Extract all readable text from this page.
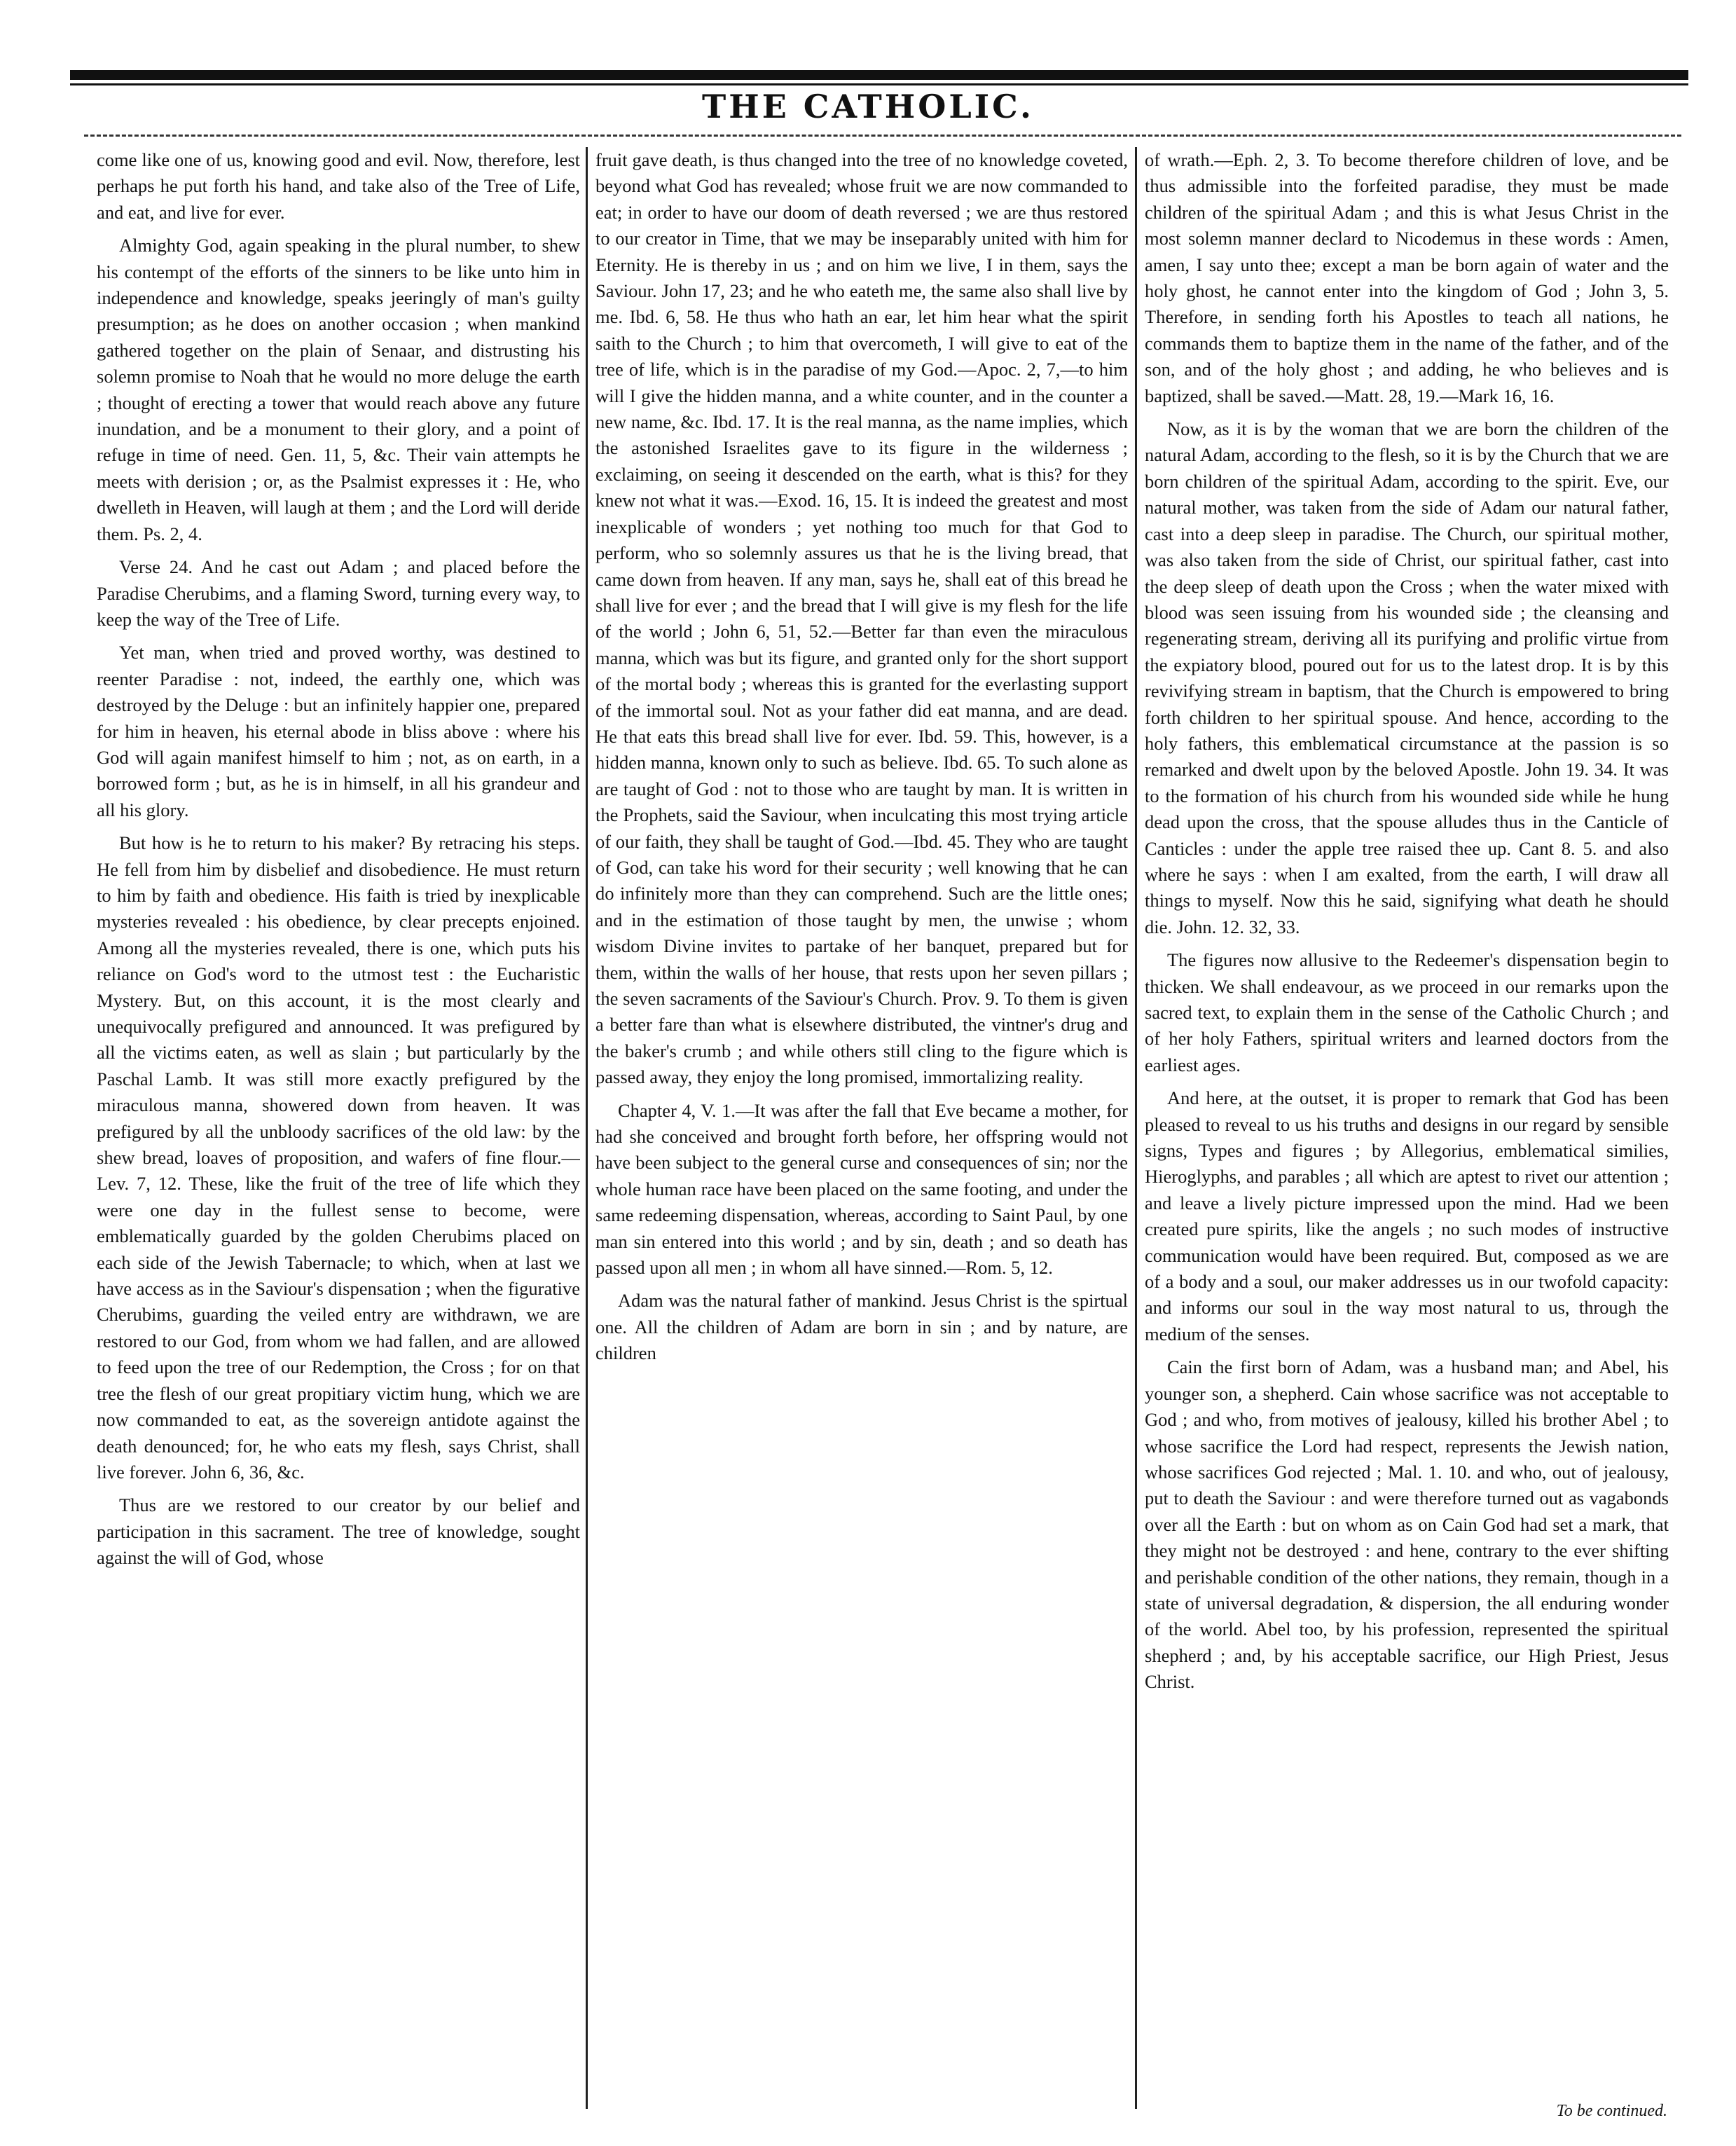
THE CATHOLIC.

come like one of us, knowing good and evil. Now, therefore, lest perhaps he put forth his hand, and take also of the Tree of Life, and eat, and live for ever.

Almighty God, again speaking in the plural number, to shew his contempt of the efforts of the sinners to be like unto him in independence and knowledge, speaks jeeringly of man's guilty presumption; as he does on another occasion ; when mankind gathered together on the plain of Senaar, and distrusting his solemn promise to Noah that he would no more deluge the earth ; thought of erecting a tower that would reach above any future inundation, and be a monument to their glory, and a point of refuge in time of need. Gen. 11, 5, &c. Their vain attempts he meets with derision ; or, as the Psalmist expresses it : He, who dwelleth in Heaven, will laugh at them ; and the Lord will deride them. Ps. 2, 4.

Verse 24. And he cast out Adam ; and placed before the Paradise Cherubims, and a flaming Sword, turning every way, to keep the way of the Tree of Life.

Yet man, when tried and proved worthy, was destined to reenter Paradise : not, indeed, the earthly one, which was destroyed by the Deluge : but an infinitely happier one, prepared for him in heaven, his eternal abode in bliss above : where his God will again manifest himself to him ; not, as on earth, in a borrowed form ; but, as he is in himself, in all his grandeur and all his glory.

But how is he to return to his maker? By retracing his steps. He fell from him by disbelief and disobedience. He must return to him by faith and obedience. His faith is tried by inexplicable mysteries revealed : his obedience, by clear precepts enjoined. Among all the mysteries revealed, there is one, which puts his reliance on God's word to the utmost test : the Eucharistic Mystery. But, on this account, it is the most clearly and unequivocally prefigured and announced. It was prefigured by all the victims eaten, as well as slain ; but particularly by the Paschal Lamb. It was still more exactly prefigured by the miraculous manna, showered down from heaven. It was prefigured by all the unbloody sacrifices of the old law: by the shew bread, loaves of proposition, and wafers of fine flour.—Lev. 7, 12. These, like the fruit of the tree of life which they were one day in the fullest sense to become, were emblematically guarded by the golden Cherubims placed on each side of the Jewish Tabernacle; to which, when at last we have access as in the Saviour's dispensation ; when the figurative Cherubims, guarding the veiled entry are withdrawn, we are restored to our God, from whom we had fallen, and are allowed to feed upon the tree of our Redemption, the Cross ; for on that tree the flesh of our great propitiary victim hung, which we are now commanded to eat, as the sovereign antidote against the death denounced; for, he who eats my flesh, says Christ, shall live forever. John 6, 36, &c.

Thus are we restored to our creator by our belief and participation in this sacrament. The tree of knowledge, sought against the will of God, whose

fruit gave death, is thus changed into the tree of no knowledge coveted, beyond what God has revealed; whose fruit we are now commanded to eat; in order to have our doom of death reversed ; we are thus restored to our creator in Time, that we may be inseparably united with him for Eternity. He is thereby in us ; and on him we live, I in them, says the Saviour. John 17, 23; and he who eateth me, the same also shall live by me. Ibd. 6, 58. He thus who hath an ear, let him hear what the spirit saith to the Church ; to him that overcometh, I will give to eat of the tree of life, which is in the paradise of my God.—Apoc. 2, 7,—to him will I give the hidden manna, and a white counter, and in the counter a new name, &c. Ibd. 17. It is the real manna, as the name implies, which the astonished Israelites gave to its figure in the wilderness ; exclaiming, on seeing it descended on the earth, what is this? for they knew not what it was.—Exod. 16, 15. It is indeed the greatest and most inexplicable of wonders ; yet nothing too much for that God to perform, who so solemnly assures us that he is the living bread, that came down from heaven. If any man, says he, shall eat of this bread he shall live for ever ; and the bread that I will give is my flesh for the life of the world ; John 6, 51, 52.—Better far than even the miraculous manna, which was but its figure, and granted only for the short support of the mortal body ; whereas this is granted for the everlasting support of the immortal soul. Not as your father did eat manna, and are dead. He that eats this bread shall live for ever. Ibd. 59. This, however, is a hidden manna, known only to such as believe. Ibd. 65. To such alone as are taught of God : not to those who are taught by man. It is written in the Prophets, said the Saviour, when inculcating this most trying article of our faith, they shall be taught of God.—Ibd. 45. They who are taught of God, can take his word for their security ; well knowing that he can do infinitely more than they can comprehend. Such are the little ones; and in the estimation of those taught by men, the unwise ; whom wisdom Divine invites to partake of her banquet, prepared but for them, within the walls of her house, that rests upon her seven pillars ; the seven sacraments of the Saviour's Church. Prov. 9. To them is given a better fare than what is elsewhere distributed, the vintner's drug and the baker's crumb ; and while others still cling to the figure which is passed away, they enjoy the long promised, immortalizing reality.

Chapter 4, V. 1.—It was after the fall that Eve became a mother, for had she conceived and brought forth before, her offspring would not have been subject to the general curse and consequences of sin; nor the whole human race have been placed on the same footing, and under the same redeeming dispensation, whereas, according to Saint Paul, by one man sin entered into this world ; and by sin, death ; and so death has passed upon all men ; in whom all have sinned.—Rom. 5, 12.

Adam was the natural father of mankind. Jesus Christ is the spirtual one. All the children of Adam are born in sin ; and by nature, are children

of wrath.—Eph. 2, 3. To become therefore children of love, and be thus admissible into the forfeited paradise, they must be made children of the spiritual Adam ; and this is what Jesus Christ in the most solemn manner declard to Nicodemus in these words : Amen, amen, I say unto thee; except a man be born again of water and the holy ghost, he cannot enter into the kingdom of God ; John 3, 5. Therefore, in sending forth his Apostles to teach all nations, he commands them to baptize them in the name of the father, and of the son, and of the holy ghost ; and adding, he who believes and is baptized, shall be saved.—Matt. 28, 19.—Mark 16, 16.

Now, as it is by the woman that we are born the children of the natural Adam, according to the flesh, so it is by the Church that we are born children of the spiritual Adam, according to the spirit. Eve, our natural mother, was taken from the side of Adam our natural father, cast into a deep sleep in paradise. The Church, our spiritual mother, was also taken from the side of Christ, our spiritual father, cast into the deep sleep of death upon the Cross ; when the water mixed with blood was seen issuing from his wounded side ; the cleansing and regenerating stream, deriving all its purifying and prolific virtue from the expiatory blood, poured out for us to the latest drop. It is by this revivifying stream in baptism, that the Church is empowered to bring forth children to her spiritual spouse. And hence, according to the holy fathers, this emblematical circumstance at the passion is so remarked and dwelt upon by the beloved Apostle. John 19. 34. It was to the formation of his church from his wounded side while he hung dead upon the cross, that the spouse alludes thus in the Canticle of Canticles : under the apple tree raised thee up. Cant 8. 5. and also where he says : when I am exalted, from the earth, I will draw all things to myself. Now this he said, signifying what death he should die. John. 12. 32, 33.

The figures now allusive to the Redeemer's dispensation begin to thicken. We shall endeavour, as we proceed in our remarks upon the sacred text, to explain them in the sense of the Catholic Church ; and of her holy Fathers, spiritual writers and learned doctors from the earliest ages.

And here, at the outset, it is proper to remark that God has been pleased to reveal to us his truths and designs in our regard by sensible signs, Types and figures ; by Allegorius, emblematical similies, Hieroglyphs, and parables ; all which are aptest to rivet our attention ; and leave a lively picture impressed upon the mind. Had we been created pure spirits, like the angels ; no such modes of instructive communication would have been required. But, composed as we are of a body and a soul, our maker addresses us in our twofold capacity: and informs our soul in the way most natural to us, through the medium of the senses.

Cain the first born of Adam, was a husband man; and Abel, his younger son, a shepherd. Cain whose sacrifice was not acceptable to God ; and who, from motives of jealousy, killed his brother Abel ; to whose sacrifice the Lord had respect, represents the Jewish nation, whose sacrifices God rejected ; Mal. 1. 10. and who, out of jealousy, put to death the Saviour : and were therefore turned out as vagabonds over all the Earth : but on whom as on Cain God had set a mark, that they might not be destroyed : and hene, contrary to the ever shifting and perishable condition of the other nations, they remain, though in a state of universal degradation, & dispersion, the all enduring wonder of the world. Abel too, by his profession, represented the spiritual shepherd ; and, by his acceptable sacrifice, our High Priest, Jesus Christ.

To be continued.
